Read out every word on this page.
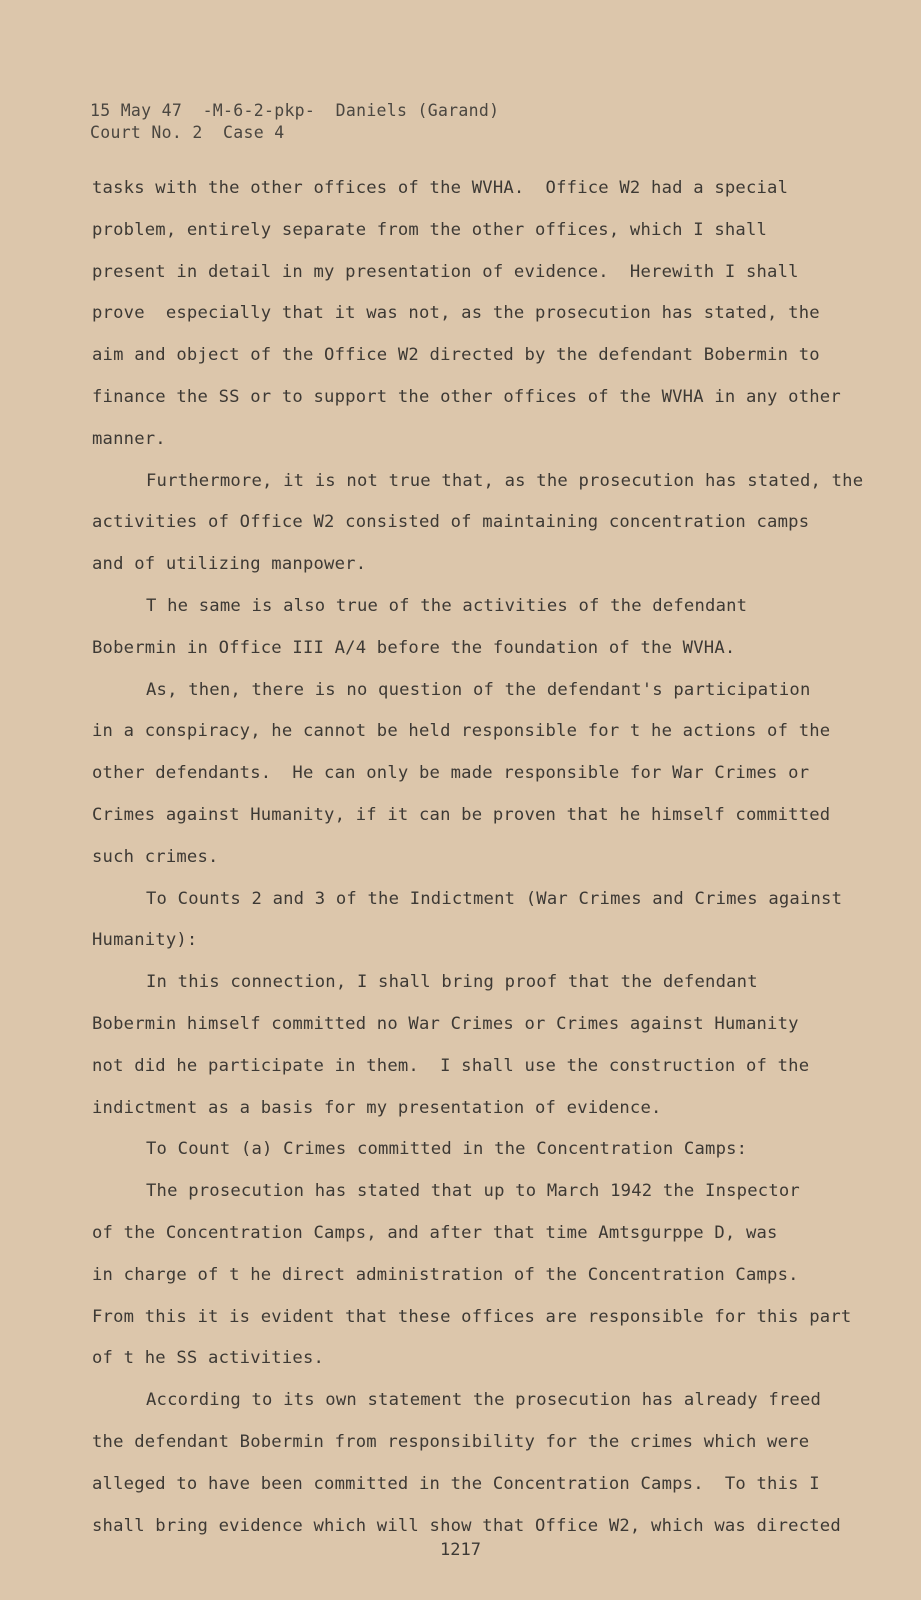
15 May 47  -M-6-2-pkp-  Daniels (Garand)
Court No. 2  Case 4
tasks with the other offices of the WVHA.  Office W2 had a special
problem, entirely separate from the other offices, which I shall
present in detail in my presentation of evidence.  Herewith I shall
prove  especially that it was not, as the prosecution has stated, the
aim and object of the Office W2 directed by the defendant Bobermin to
finance the SS or to support the other offices of the WVHA in any other
manner.
Furthermore, it is not true that, as the prosecution has stated, the
activities of Office W2 consisted of maintaining concentration camps
and of utilizing manpower.
T he same is also true of the activities of the defendant
Bobermin in Office III A/4 before the foundation of the WVHA.
As, then, there is no question of the defendant's participation
in a conspiracy, he cannot be held responsible for t he actions of the
other defendants.  He can only be made responsible for War Crimes or
Crimes against Humanity, if it can be proven that he himself committed
such crimes.
To Counts 2 and 3 of the Indictment (War Crimes and Crimes against
Humanity):
In this connection, I shall bring proof that the defendant
Bobermin himself committed no War Crimes or Crimes against Humanity
not did he participate in them.  I shall use the construction of the
indictment as a basis for my presentation of evidence.
To Count (a) Crimes committed in the Concentration Camps:
The prosecution has stated that up to March 1942 the Inspector
of the Concentration Camps, and after that time Amtsgurppe D, was
in charge of t he direct administration of the Concentration Camps.
From this it is evident that these offices are responsible for this part
of t he SS activities.
According to its own statement the prosecution has already freed
the defendant Bobermin from responsibility for the crimes which were
alleged to have been committed in the Concentration Camps.  To this I
shall bring evidence which will show that Office W2, which was directed
1217
